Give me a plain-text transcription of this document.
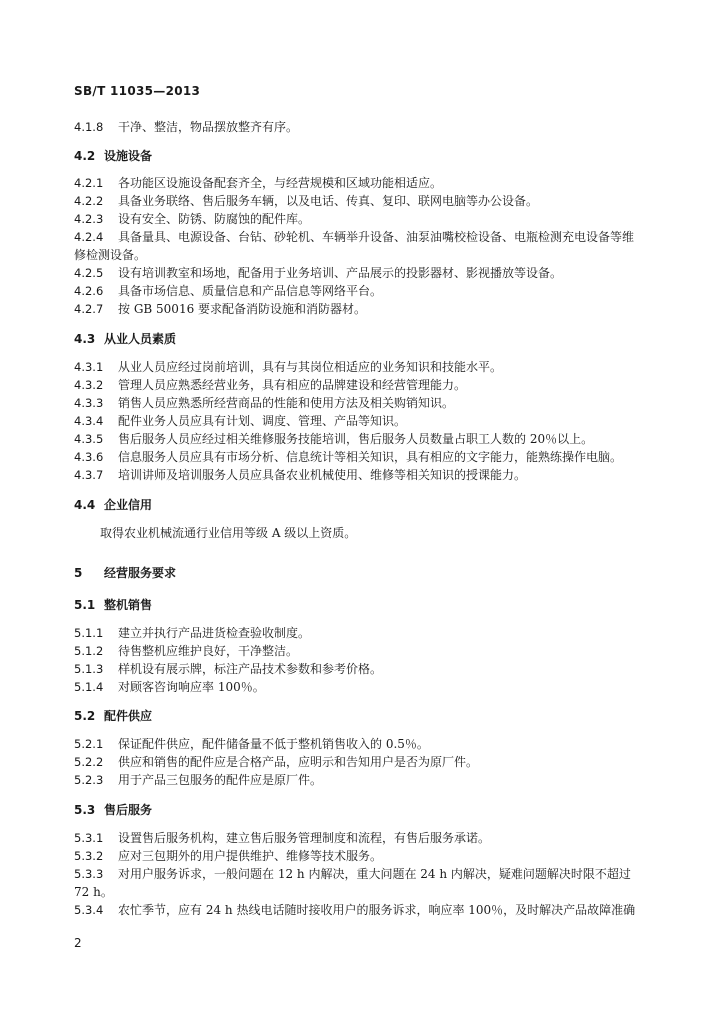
SB/T 11035—2013
4.1.8 干净、整洁，物品摆放整齐有序。
4.2 设施设备
4.2.1 各功能区设施设备配套齐全，与经营规模和区域功能相适应。
4.2.2 具备业务联络、售后服务车辆，以及电话、传真、复印、联网电脑等办公设备。
4.2.3 设有安全、防锈、防腐蚀的配件库。
4.2.4 具备量具、电源设备、台钻、砂轮机、车辆举升设备、油泵油嘴校检设备、电瓶检测充电设备等维
修检测设备。
4.2.5 设有培训教室和场地，配备用于业务培训、产品展示的投影器材、影视播放等设备。
4.2.6 具备市场信息、质量信息和产品信息等网络平台。
4.2.7 按 GB 50016 要求配备消防设施和消防器材。
4.3 从业人员素质
4.3.1 从业人员应经过岗前培训，具有与其岗位相适应的业务知识和技能水平。
4.3.2 管理人员应熟悉经营业务，具有相应的品牌建设和经营管理能力。
4.3.3 销售人员应熟悉所经营商品的性能和使用方法及相关购销知识。
4.3.4 配件业务人员应具有计划、调度、管理、产品等知识。
4.3.5 售后服务人员应经过相关维修服务技能培训，售后服务人员数量占职工人数的 20％以上。
4.3.6 信息服务人员应具有市场分析、信息统计等相关知识，具有相应的文字能力，能熟练操作电脑。
4.3.7 培训讲师及培训服务人员应具备农业机械使用、维修等相关知识的授课能力。
4.4 企业信用
取得农业机械流通行业信用等级 A 级以上资质。
5 经营服务要求
5.1 整机销售
5.1.1 建立并执行产品进货检查验收制度。
5.1.2 待售整机应维护良好，干净整洁。
5.1.3 样机设有展示牌，标注产品技术参数和参考价格。
5.1.4 对顾客咨询响应率 100％。
5.2 配件供应
5.2.1 保证配件供应，配件储备量不低于整机销售收入的 0.5％。
5.2.2 供应和销售的配件应是合格产品，应明示和告知用户是否为原厂件。
5.2.3 用于产品三包服务的配件应是原厂件。
5.3 售后服务
5.3.1 设置售后服务机构，建立售后服务管理制度和流程，有售后服务承诺。
5.3.2 应对三包期外的用户提供维护、维修等技术服务。
5.3.3 对用户服务诉求，一般问题在 12 h 内解决，重大问题在 24 h 内解决，疑难问题解决时限不超过
72 h。
5.3.4 农忙季节，应有 24 h 热线电话随时接收用户的服务诉求，响应率 100％，及时解决产品故障准确
2
